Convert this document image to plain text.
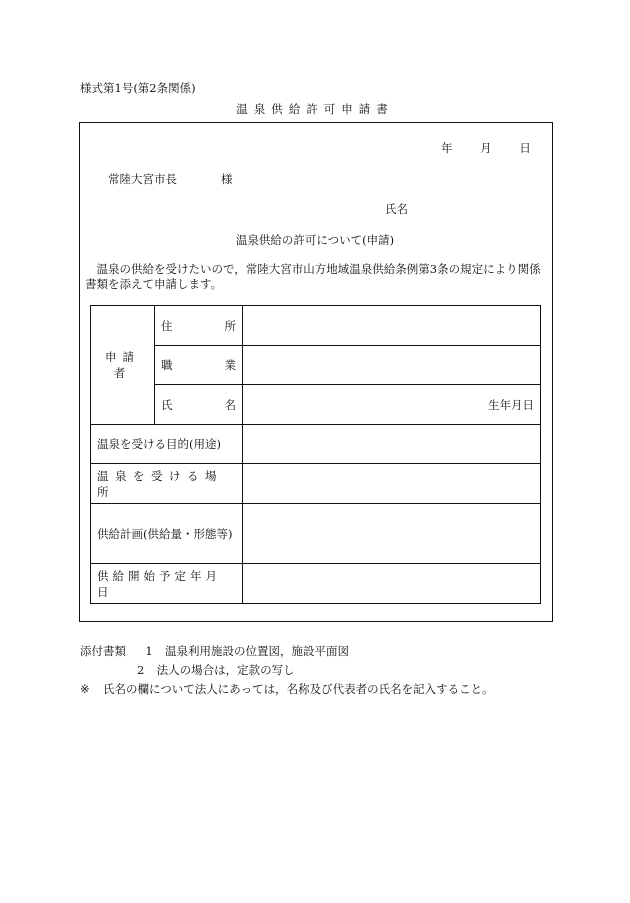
様式第1号(第2条関係)
温泉供給許可申請書
年 月 日
常陸大宮市長	様
氏名
温泉供給の許可について(申請)
温泉の供給を受けたいので，常陸大宮市山方地域温泉供給条例第3条の規定により関係書類を添えて申請します。
申請者	住 所	

	職 業	

	氏 名	生年月日
温泉を受ける目的(用途)		
温泉を受ける場所		
供給計画(供給量・形態等)		
供給開始予定年月日		
添付書類 1 温泉利用施設の位置図，施設平面図
2 法人の場合は，定款の写し
※ 氏名の欄について法人にあっては，名称及び代表者の氏名を記入すること。
